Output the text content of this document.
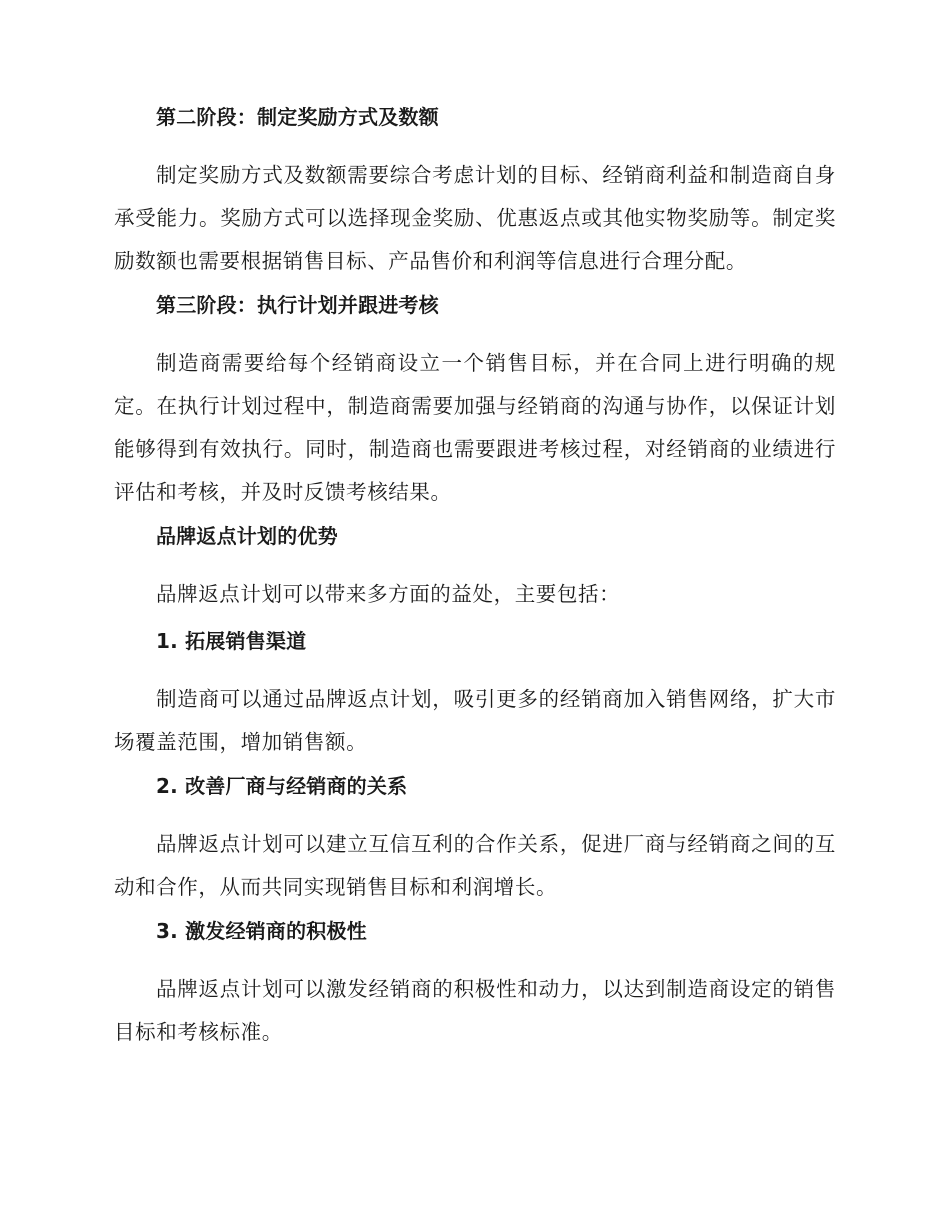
第二阶段：制定奖励方式及数额

制定奖励方式及数额需要综合考虑计划的目标、经销商利益和制造商自身承受能力。奖励方式可以选择现金奖励、优惠返点或其他实物奖励等。制定奖励数额也需要根据销售目标、产品售价和利润等信息进行合理分配。

第三阶段：执行计划并跟进考核

制造商需要给每个经销商设立一个销售目标，并在合同上进行明确的规定。在执行计划过程中，制造商需要加强与经销商的沟通与协作，以保证计划能够得到有效执行。同时，制造商也需要跟进考核过程，对经销商的业绩进行评估和考核，并及时反馈考核结果。

品牌返点计划的优势

品牌返点计划可以带来多方面的益处，主要包括：

1. 拓展销售渠道

制造商可以通过品牌返点计划，吸引更多的经销商加入销售网络，扩大市场覆盖范围，增加销售额。

2. 改善厂商与经销商的关系

品牌返点计划可以建立互信互利的合作关系，促进厂商与经销商之间的互动和合作，从而共同实现销售目标和利润增长。

3. 激发经销商的积极性

品牌返点计划可以激发经销商的积极性和动力，以达到制造商设定的销售目标和考核标准。
